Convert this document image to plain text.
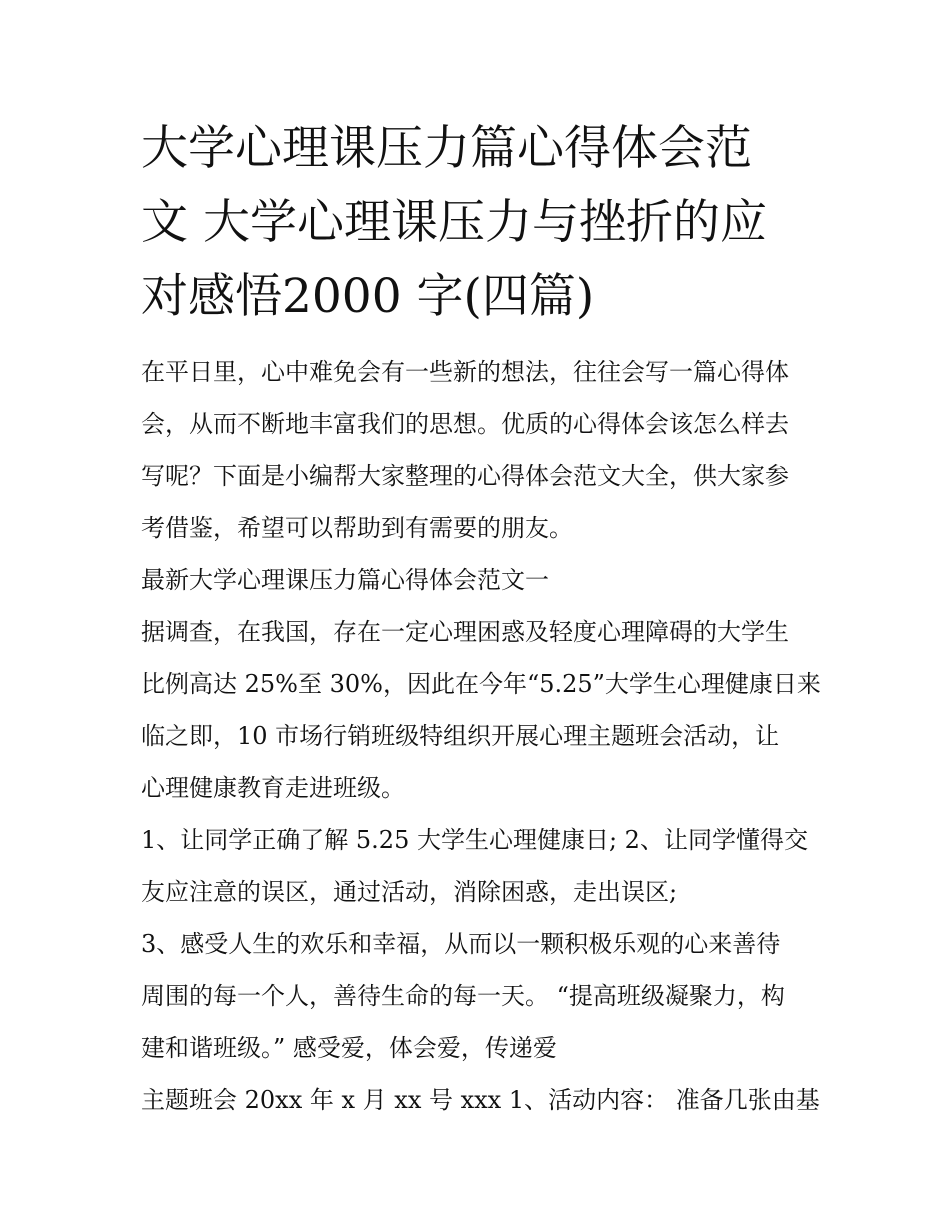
大学心理课压力篇心得体会范
文 大学心理课压力与挫折的应
对感悟2000 字(四篇)
在平日里，心中难免会有一些新的想法，往往会写一篇心得体
会，从而不断地丰富我们的思想。优质的心得体会该怎么样去
写呢？下面是小编帮大家整理的心得体会范文大全，供大家参
考借鉴，希望可以帮助到有需要的朋友。
最新大学心理课压力篇心得体会范文一
据调查，在我国，存在一定心理困惑及轻度心理障碍的大学生
比例高达 25%至 30%，因此在今年“5.25”大学生心理健康日来
临之即，10 市场行销班级特组织开展心理主题班会活动，让
心理健康教育走进班级。
1、让同学正确了解 5.25 大学生心理健康日; 2、让同学懂得交
友应注意的误区，通过活动，消除困惑，走出误区;
3、感受人生的欢乐和幸福，从而以一颗积极乐观的心来善待
周围的每一个人，善待生命的每一天。 “提高班级凝聚力，构
建和谐班级。” 感受爱，体会爱，传递爱
主题班会 20xx 年 x 月 xx 号 xxx 1、活动内容： 准备几张由基
